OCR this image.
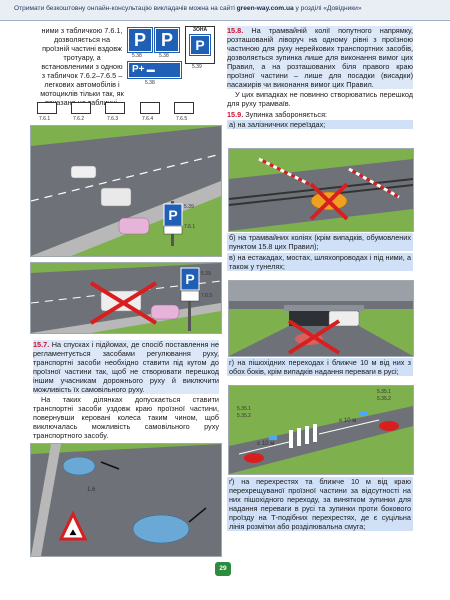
Отримати безкоштовну онлайн-консультацію викладачів можна на сайті green-way.com.ua у розділі «Довідники»

ними з табличкою 7.6.1, дозволяється на проїзній частині вздовж тротуару, а встановленими з одною з табличок 7.6.2–7.6.5 – легкових автомобілів і мотоциклів тільки так, як показано табличці.

P
5.38
P
5.38
ЗОНА
P
5.39
P+ ▬
5.38
7.6.1	7.6.2	7.6.3	7.6.4	7.6.5
P 5.39
7.6.1
P 5.39
7.6.5

15.7. На спусках і підйомах, де спосіб поставлення не регламентується засобами регулювання руху, транспортні засоби необхідно ставити під кутом до проїзної частини так, щоб не створювати перешкод іншим учасникам дорожнього руху й виключити можливість їх самовільного руху.

На таких ділянках допускається ставити транспортні засоби уздовж краю проїзної частини, повернувши керовані колеса таким чином, щоб виключалась можливість самовільного руху транспортного засобу.

⛰
1.6

15.8. На трамвайній колії попутного напрямку, розташованій ліворуч на одному рівні з проїзною частиною для руху нерейкових транспортних засобів, дозволяється зупинка лише для виконання вимог цих Правил, а на розташованих біля правого краю проїзної частини – лише для посадки (висадки) пасажирів чи виконання вимог цих Правил.

У цих випадках не повинно створюватись перешкод для руху трамваїв.

15.9. Зупинка забороняється:

а) на залізничних переїздах;

б) на трамвайних коліях (крім випадків, обумовлених пунктом 15.8 цих Правил);

в) на естакадах, мостах, шляхопроводах і під ними, а також у тунелях;

г) на пішохідних переходах і ближче 10 м від них з обох боків, крім випадків надання переваги в русі;

5.35.1
5.35.2
5.35.1
5.35.2
≤ 10 м
≤ 10 м

ґ) на перехрестях та ближче 10 м від краю перехрещуваної проїзної частини за відсутності на них пішохідного переходу, за винятком зупинки для надання переваги в русі та зупинки проти бокового проїзду на Т-подібних перехрестях, де є суцільна лінія розмітки або розділювальна смуга;

29
